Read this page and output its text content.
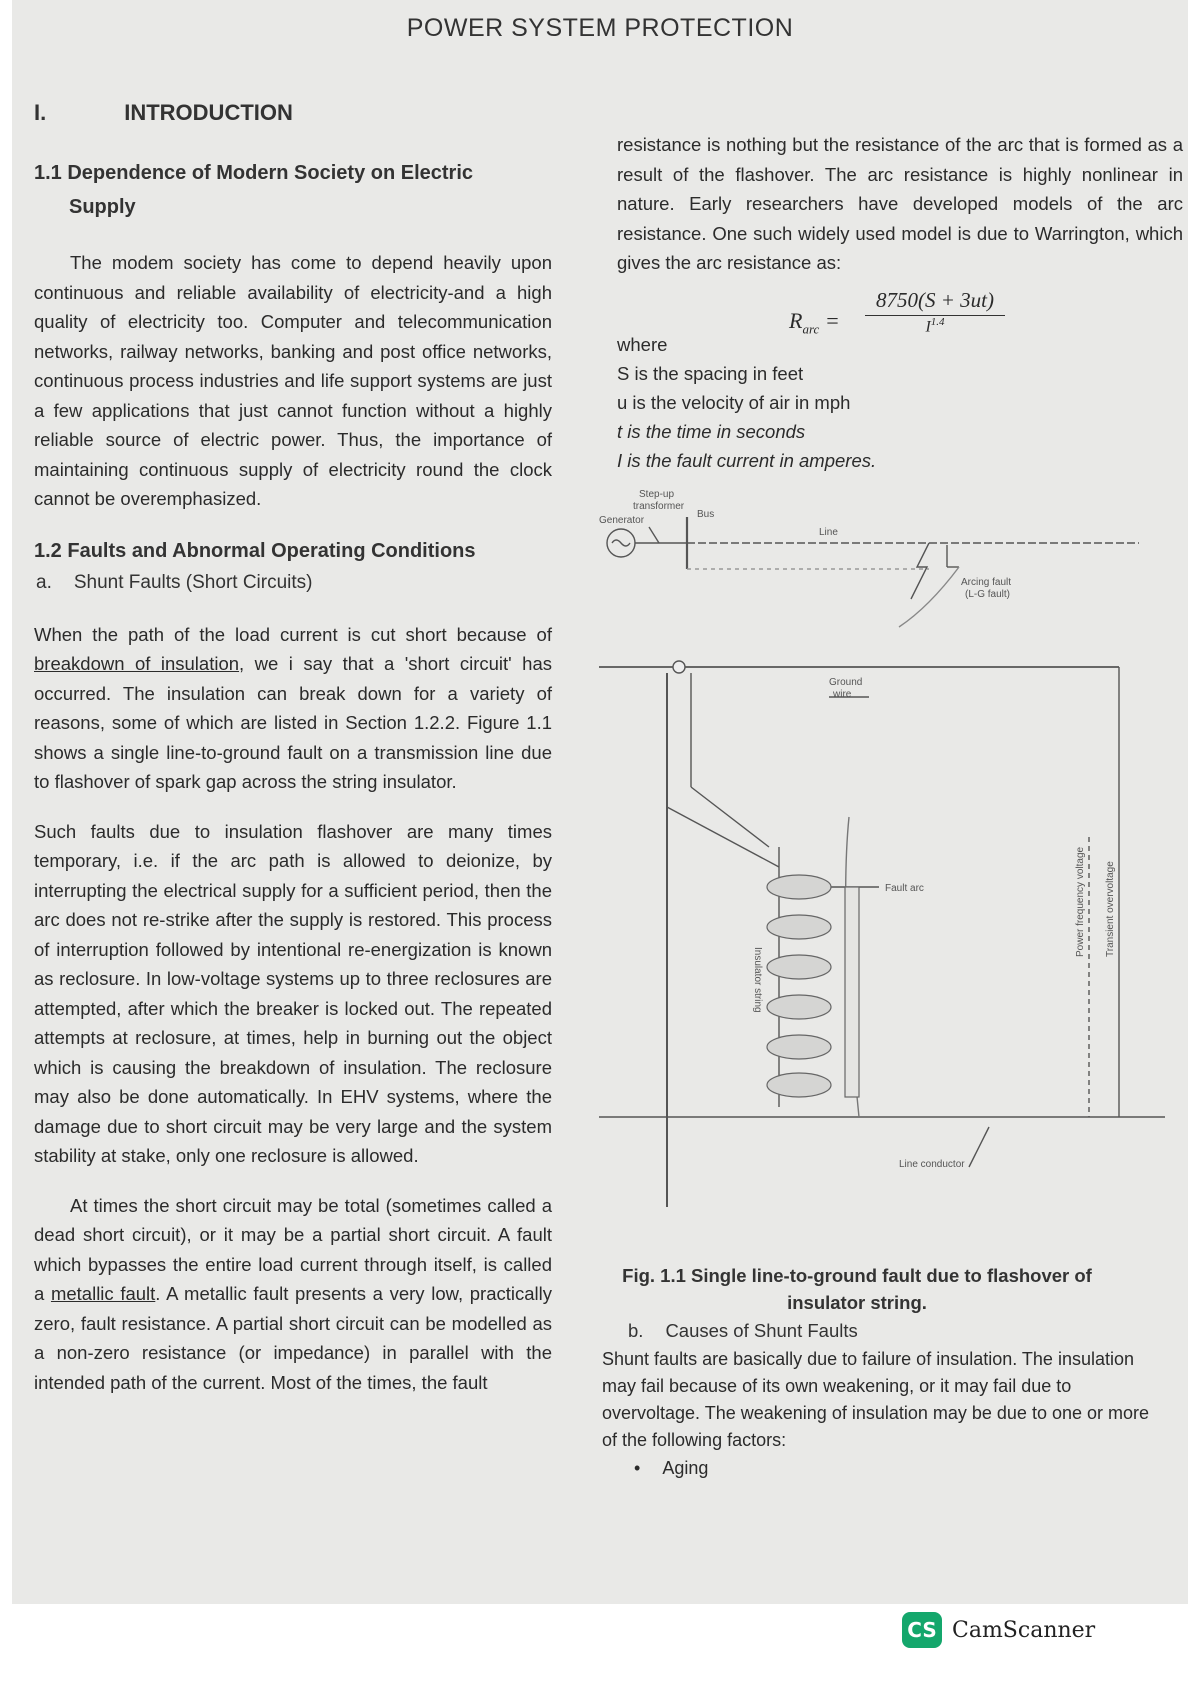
POWER SYSTEM PROTECTION
I.	INTRODUCTION
1.1 Dependence of Modern Society on Electric
Supply

The modem society has come to depend heavily upon continuous and reliable availability of electricity-and a high quality of electricity too. Computer and telecommunication networks, railway networks, banking and post office networks, continuous process industries and life support systems are just a few applications that just cannot function without a highly reliable source of electric power. Thus, the importance of maintaining continuous supply of electricity round the clock cannot be overemphasized.

1.2 Faults and Abnormal Operating Conditions
a. Shunt Faults (Short Circuits)

When the path of the load current is cut short because of breakdown of insulation, we i say that a 'short circuit' has occurred. The insulation can break down for a variety of reasons, some of which are listed in Section 1.2.2. Figure 1.1 shows a single line-to-ground fault on a transmission line due to flashover of spark gap across the string insulator.

Such faults due to insulation flashover are many times temporary, i.e. if the arc path is allowed to deionize, by interrupting the electrical supply for a sufficient period, then the arc does not re-strike after the supply is restored. This process of interruption followed by intentional re-energization is known as reclosure. In low-voltage systems up to three reclosures are attempted, after which the breaker is locked out. The repeated attempts at reclosure, at times, help in burning out the object which is causing the breakdown of insulation. The reclosure may also be done automatically. In EHV systems, where the damage due to short circuit may be very large and the system stability at stake, only one reclosure is allowed.

At times the short circuit may be total (sometimes called a dead short circuit), or it may be a partial short circuit. A fault which bypasses the entire load current through itself, is called a metallic fault. A metallic fault presents a very low, practically zero, fault resistance. A partial short circuit can be modelled as a non-zero resistance (or impedance) in parallel with the intended path of the current. Most of the times, the fault

resistance is nothing but the resistance of the arc that is formed as a result of the flashover. The arc resistance is highly nonlinear in nature. Early researchers have developed models of the arc resistance. One such widely used model is due to Warrington, which gives the arc resistance as:

$R_{arc}$ =
8750(S + 3ut)
$I^{1.4}$

where

S is the spacing in feet

u is the velocity of air in mph

t is the time in seconds

I is the fault current in amperes.

Step-up
transformer
Generator
Bus
Line
Arcing fault
(L-G fault)
Ground
wire
Fault arc
Line conductor
Insulator string
Power frequency voltage Transient overvoltage
Fig. 1.1 Single line-to-ground fault due to flashover of
insulator string.
b. Causes of Shunt Faults

Shunt faults are basically due to failure of insulation. The insulation may fail because of its own weakening, or it may fail due to overvoltage. The weakening of insulation may be due to one or more of the following factors:

• Aging
CS CamScanner
